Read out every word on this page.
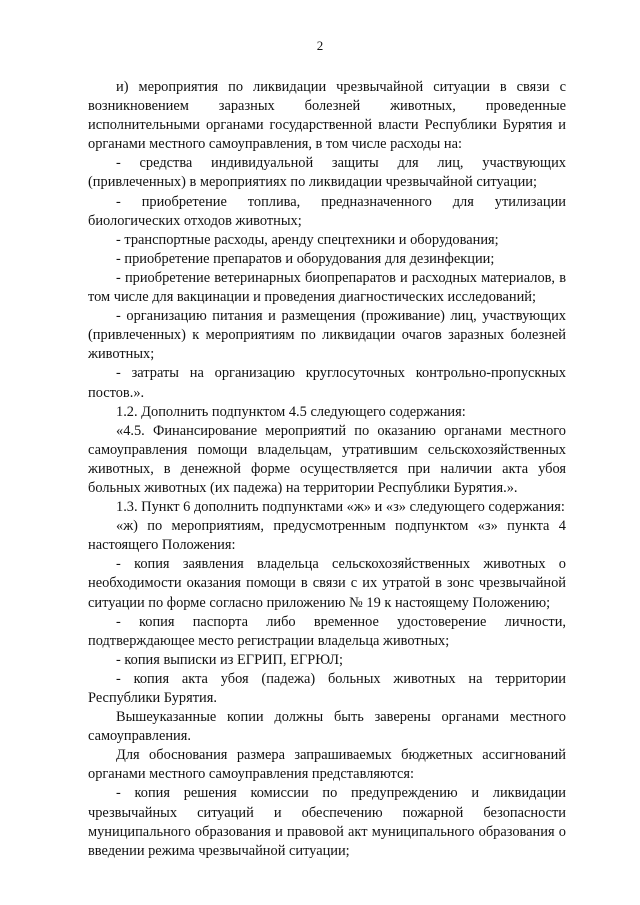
2

и) мероприятия по ликвидации чрезвычайной ситуации в связи с возникновением заразных болезней животных, проведенные исполнительными органами государственной власти Республики Бурятия и органами местного самоуправления, в том числе расходы на:

- средства индивидуальной защиты для лиц, участвующих (привлеченных) в мероприятиях по ликвидации чрезвычайной ситуации;

- приобретение топлива, предназначенного для утилизации биологических отходов животных;

- транспортные расходы, аренду спецтехники и оборудования;

- приобретение препаратов и оборудования для дезинфекции;

- приобретение ветеринарных биопрепаратов и расходных материалов, в том числе для вакцинации и проведения диагностических исследований;

- организацию питания и размещения (проживание) лиц, участвующих (привлеченных) к мероприятиям по ликвидации очагов заразных болезней животных;

- затраты на организацию круглосуточных контрольно-пропускных постов.».

1.2. Дополнить подпунктом 4.5 следующего содержания:

«4.5. Финансирование мероприятий по оказанию органами местного самоуправления помощи владельцам, утратившим сельскохозяйственных животных, в денежной форме осуществляется при наличии акта убоя больных животных (их падежа) на территории Республики Бурятия.».

1.3. Пункт 6 дополнить подпунктами «ж» и «з» следующего содержания:

«ж) по мероприятиям, предусмотренным подпунктом «з» пункта 4 настоящего Положения:

- копия заявления владельца сельскохозяйственных животных о необходимости оказания помощи в связи с их утратой в зонс чрезвычайной ситуации по форме согласно приложению № 19 к настоящему Положению;

- копия паспорта либо временное удостоверение личности, подтверждающее место регистрации владельца животных;

- копия выписки из ЕГРИП, ЕГРЮЛ;

- копия акта убоя (падежа) больных животных на территории Республики Бурятия.

Вышеуказанные копии должны быть заверены органами местного самоуправления.

Для обоснования размера запрашиваемых бюджетных ассигнований органами местного самоуправления представляются:

- копия решения комиссии по предупреждению и ликвидации чрезвычайных ситуаций и обеспечению пожарной безопасности муниципального образования и правовой акт муниципального образования о введении режима чрезвычайной ситуации;
